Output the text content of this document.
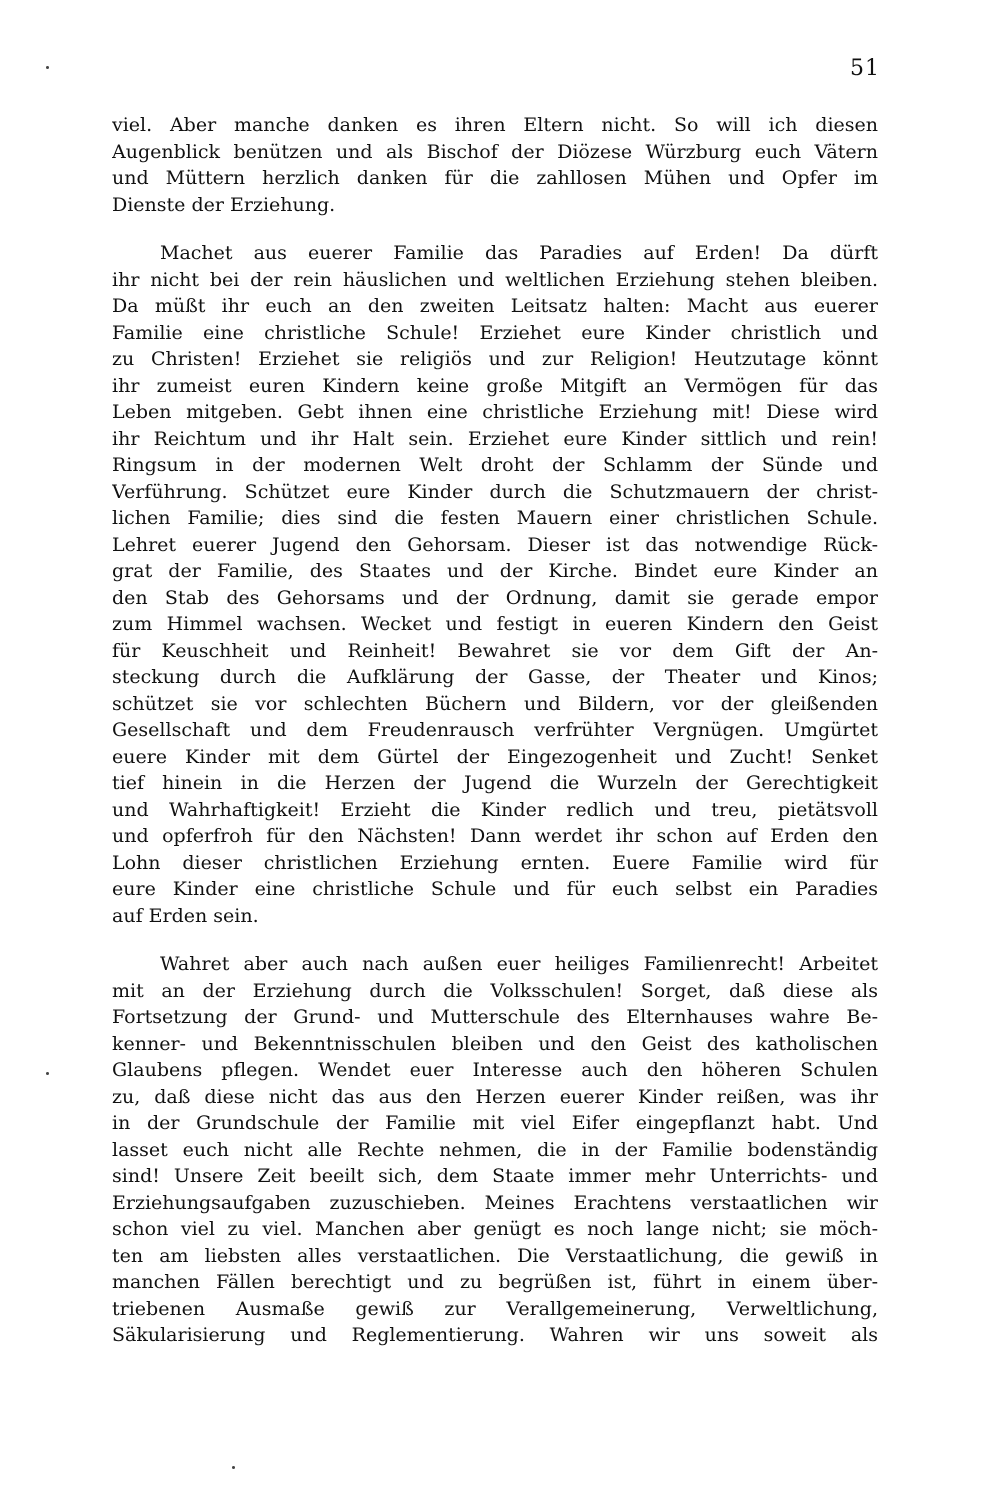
51

viel. Aber manche danken es ihren Eltern nicht. So will ich diesen
Augenblick benützen und als Bischof der Diözese Würzburg euch Vätern
und Müttern herzlich danken für die zahllosen Mühen und Opfer im
Dienste der Erziehung.

Machet aus euerer Familie das Paradies auf Erden! Da dürft
ihr nicht bei der rein häuslichen und weltlichen Erziehung stehen bleiben.
Da müßt ihr euch an den zweiten Leitsatz halten: Macht aus euerer
Familie eine christliche Schule! Erziehet eure Kinder christlich und
zu Christen! Erziehet sie religiös und zur Religion! Heutzutage könnt
ihr zumeist euren Kindern keine große Mitgift an Vermögen für das
Leben mitgeben. Gebt ihnen eine christliche Erziehung mit! Diese wird
ihr Reichtum und ihr Halt sein. Erziehet eure Kinder sittlich und rein!
Ringsum in der modernen Welt droht der Schlamm der Sünde und
Verführung. Schützet eure Kinder durch die Schutzmauern der christ-
lichen Familie; dies sind die festen Mauern einer christlichen Schule.
Lehret euerer Jugend den Gehorsam. Dieser ist das notwendige Rück-
grat der Familie, des Staates und der Kirche. Bindet eure Kinder an
den Stab des Gehorsams und der Ordnung, damit sie gerade empor
zum Himmel wachsen. Wecket und festigt in eueren Kindern den Geist
für Keuschheit und Reinheit! Bewahret sie vor dem Gift der An-
steckung durch die Aufklärung der Gasse, der Theater und Kinos;
schützet sie vor schlechten Büchern und Bildern, vor der gleißenden
Gesellschaft und dem Freudenrausch verfrühter Vergnügen. Umgürtet
euere Kinder mit dem Gürtel der Eingezogenheit und Zucht! Senket
tief hinein in die Herzen der Jugend die Wurzeln der Gerechtigkeit
und Wahrhaftigkeit! Erzieht die Kinder redlich und treu, pietätsvoll
und opferfroh für den Nächsten! Dann werdet ihr schon auf Erden den
Lohn dieser christlichen Erziehung ernten. Euere Familie wird für
eure Kinder eine christliche Schule und für euch selbst ein Paradies
auf Erden sein.

Wahret aber auch nach außen euer heiliges Familienrecht! Arbeitet
mit an der Erziehung durch die Volksschulen! Sorget, daß diese als
Fortsetzung der Grund- und Mutterschule des Elternhauses wahre Be-
kenner- und Bekenntnisschulen bleiben und den Geist des katholischen
Glaubens pflegen. Wendet euer Interesse auch den höheren Schulen
zu, daß diese nicht das aus den Herzen euerer Kinder reißen, was ihr
in der Grundschule der Familie mit viel Eifer eingepflanzt habt. Und
lasset euch nicht alle Rechte nehmen, die in der Familie bodenständig
sind! Unsere Zeit beeilt sich, dem Staate immer mehr Unterrichts- und
Erziehungsaufgaben zuzuschieben. Meines Erachtens verstaatlichen wir
schon viel zu viel. Manchen aber genügt es noch lange nicht; sie möch-
ten am liebsten alles verstaatlichen. Die Verstaatlichung, die gewiß in
manchen Fällen berechtigt und zu begrüßen ist, führt in einem über-
triebenen Ausmaße gewiß zur Verallgemeinerung, Verweltlichung,
Säkularisierung und Reglementierung. Wahren wir uns soweit als
